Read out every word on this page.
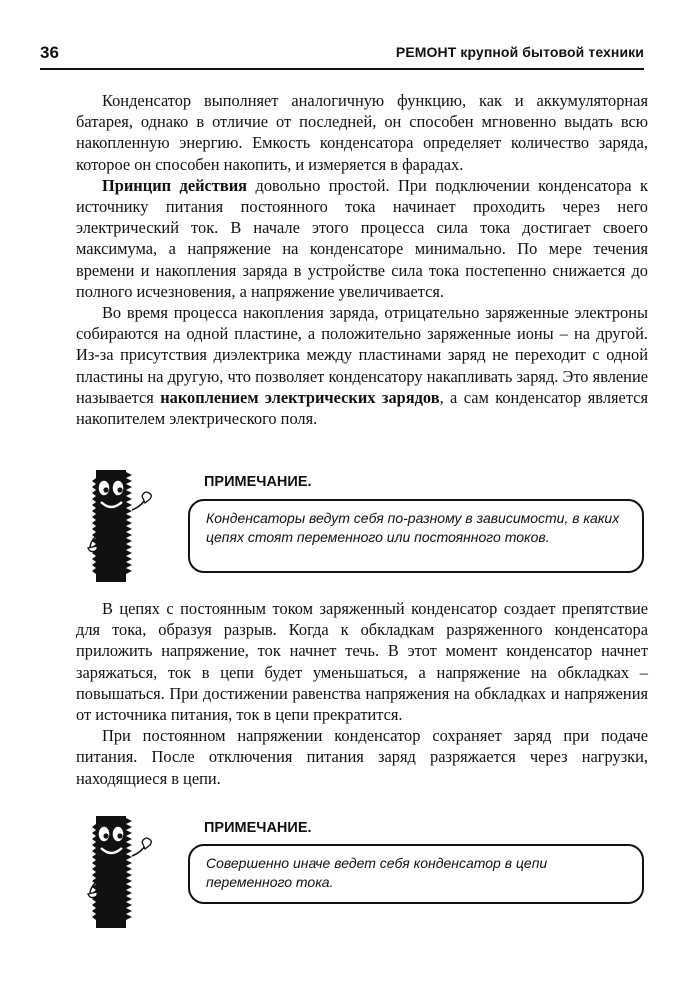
36	РЕМОНТ крупной бытовой техники

Конденсатор выполняет аналогичную функцию, как и аккумуляторная батарея, однако в отличие от последней, он способен мгновенно выдать всю накопленную энергию. Емкость конденсатора определяет количество заряда, которое он способен накопить, и измеряется в фарадах.

Принцип действия довольно простой. При подключении конденсатора к источнику питания постоянного тока начинает проходить через него электрический ток. В начале этого процесса сила тока достигает своего максимума, а напряжение на конденсаторе минимально. По мере течения времени и накопления заряда в устройстве сила тока постепенно снижается до полного исчезновения, а напряжение увеличивается.

Во время процесса накопления заряда, отрицательно заряженные электроны собираются на одной пластине, а положительно заряженные ионы – на другой. Из-за присутствия диэлектрика между пластинами заряд не переходит с одной пластины на другую, что позволяет конденсатору накапливать заряд. Это явление называется накоплением электрических зарядов, а сам конденсатор является накопителем электрического поля.

ПРИМЕЧАНИЕ.
Конденсаторы ведут себя по-разному в зависимости, в каких цепях стоят переменного или постоянного токов.

В цепях с постоянным током заряженный конденсатор создает препятствие для тока, образуя разрыв. Когда к обкладкам разряженного конденсатора приложить напряжение, ток начнет течь. В этот момент конденсатор начнет заряжаться, ток в цепи будет уменьшаться, а напряжение на обкладках – повышаться. При достижении равенства напряжения на обкладках и напряжения от источника питания, ток в цепи прекратится.

При постоянном напряжении конденсатор сохраняет заряд при подаче питания. После отключения питания заряд разряжается через нагрузки, находящиеся в цепи.

ПРИМЕЧАНИЕ.
Совершенно иначе ведет себя конденсатор в цепи переменного тока.
